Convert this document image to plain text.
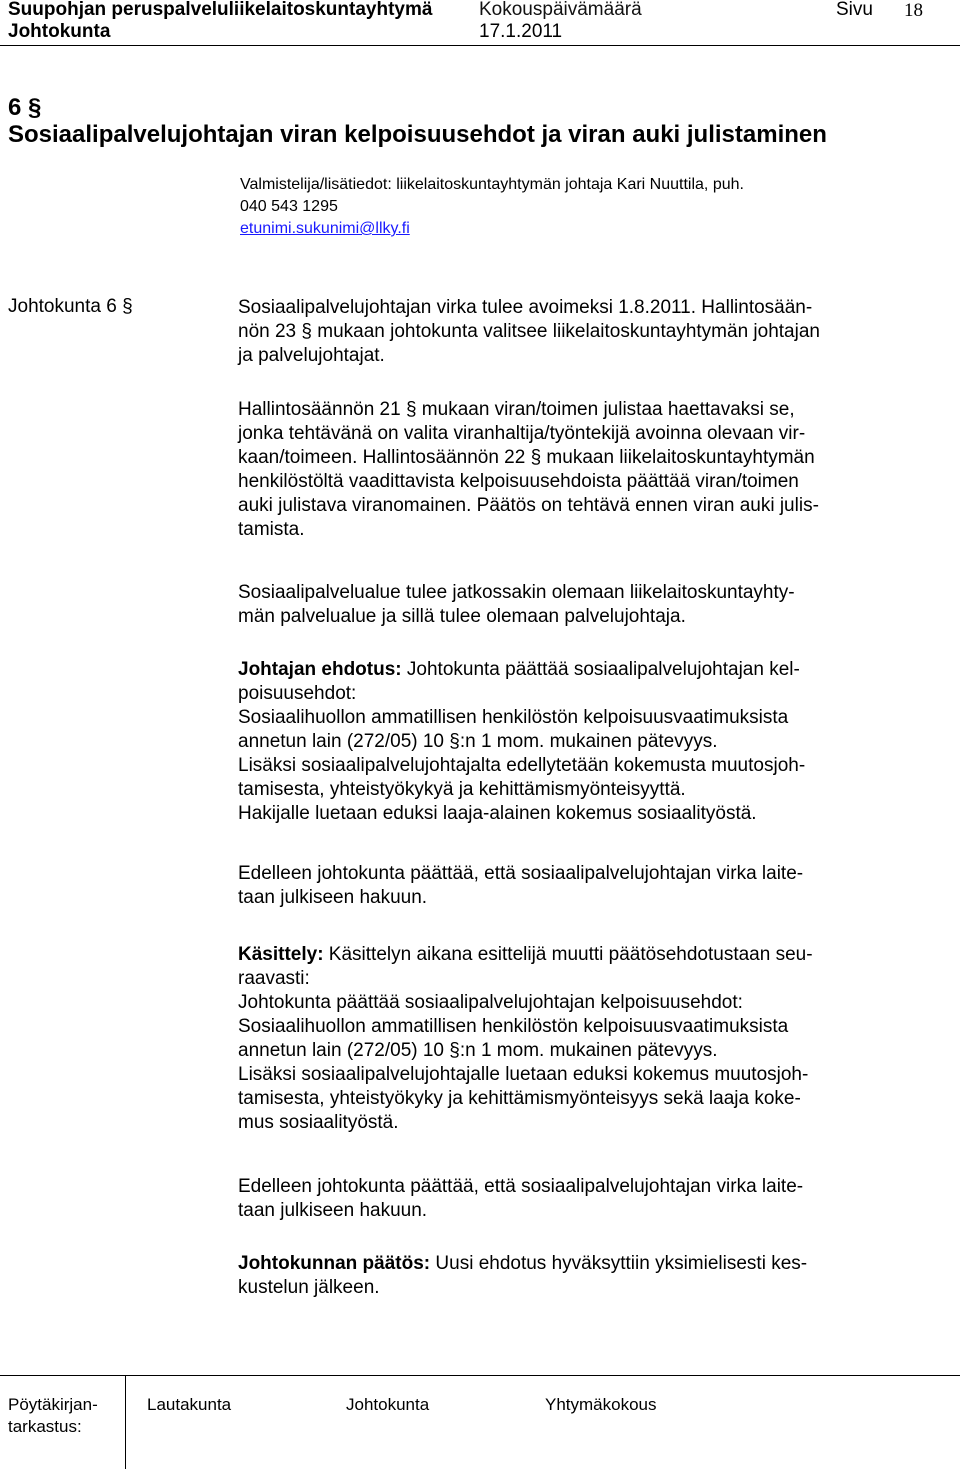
Suupohjan peruspalveluliikelaitoskuntayhtymä
Johtokunta
Kokouspäivämäärä
17.1.2011
Sivu 18
6 §
Sosiaalipalvelujohtajan viran kelpoisuusehdot ja viran auki julistaminen
Valmistelija/lisätiedot: liikelaitoskuntayhtymän johtaja Kari Nuuttila, puh.
040 543 1295
etunimi.sukunimi@llky.fi
Johtokunta 6 §	Sosiaalipalvelujohtajan virka tulee avoimeksi 1.8.2011. Hallintosään-

nön 23 § mukaan johtokunta valitsee liikelaitoskuntayhtymän johtajan

ja palvelujohtajat.

Hallintosäännön 21 § mukaan viran/toimen julistaa haettavaksi se,

jonka tehtävänä on valita viranhaltija/työntekijä avoinna olevaan vir-

kaan/toimeen. Hallintosäännön 22 § mukaan liikelaitoskuntayhtymän

henkilöstöltä vaadittavista kelpoisuusehdoista päättää viran/toimen

auki julistava viranomainen. Päätös on tehtävä ennen viran auki julis-

tamista.

Sosiaalipalvelualue tulee jatkossakin olemaan liikelaitoskuntayhty-

män palvelualue ja sillä tulee olemaan palvelujohtaja.

Johtajan ehdotus: Johtokunta päättää sosiaalipalvelujohtajan kel-

poisuusehdot:

Sosiaalihuollon ammatillisen henkilöstön kelpoisuusvaatimuksista

annetun lain (272/05) 10 §:n 1 mom. mukainen pätevyys.

Lisäksi sosiaalipalvelujohtajalta edellytetään kokemusta muutosjoh-

tamisesta, yhteistyökykyä ja kehittämismyönteisyyttä.

Hakijalle luetaan eduksi laaja-alainen kokemus sosiaalityöstä.

Edelleen johtokunta päättää, että sosiaalipalvelujohtajan virka laite-

taan julkiseen hakuun.

Käsittely: Käsittelyn aikana esittelijä muutti päätösehdotustaan seu-

raavasti:

Johtokunta päättää sosiaalipalvelujohtajan kelpoisuusehdot:

Sosiaalihuollon ammatillisen henkilöstön kelpoisuusvaatimuksista

annetun lain (272/05) 10 §:n 1 mom. mukainen pätevyys.

Lisäksi sosiaalipalvelujohtajalle luetaan eduksi kokemus muutosjoh-

tamisesta, yhteistyökyky ja kehittämismyönteisyys sekä laaja koke-

mus sosiaalityöstä.

Edelleen johtokunta päättää, että sosiaalipalvelujohtajan virka laite-

taan julkiseen hakuun.

Johtokunnan päätös: Uusi ehdotus hyväksyttiin yksimielisesti kes-

kustelun jälkeen.

Pöytäkirjan-
tarkastus:
Lautakunta	Johtokunta	Yhtymäkokous
